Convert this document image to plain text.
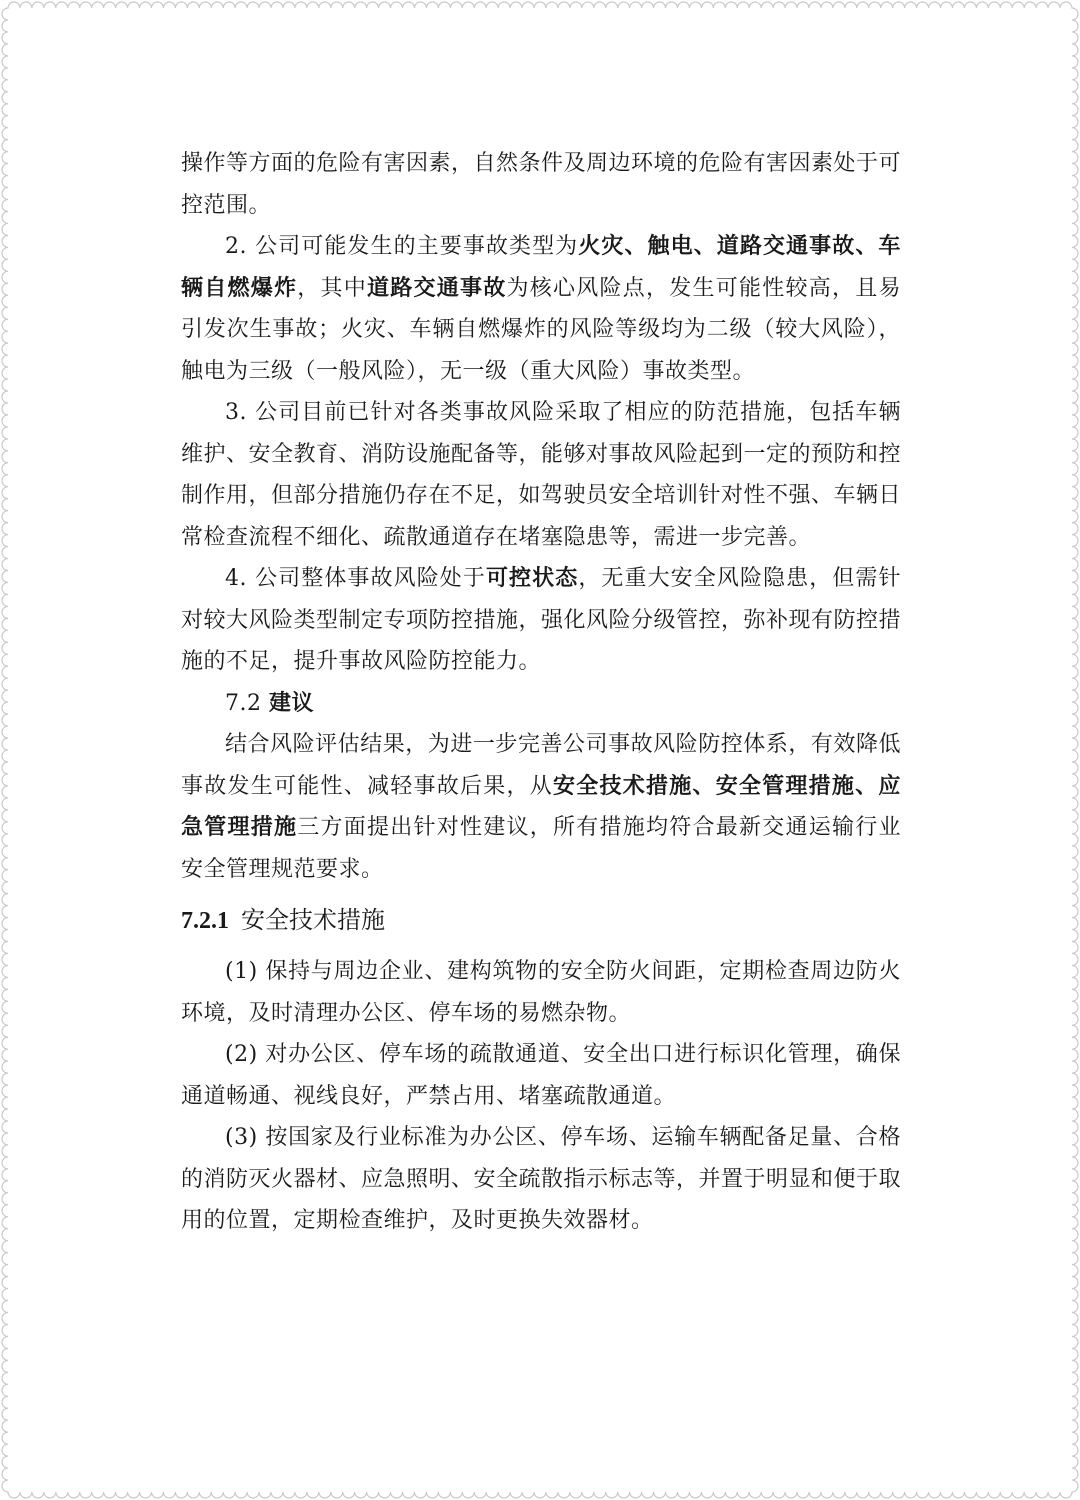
操作等方面的危险有害因素，自然条件及周边环境的危险有害因素处于可控范围。

2. 公司可能发生的主要事故类型为火灾、触电、道路交通事故、车辆自燃爆炸，其中道路交通事故为核心风险点，发生可能性较高，且易引发次生事故；火灾、车辆自燃爆炸的风险等级均为二级（较大风险），触电为三级（一般风险），无一级（重大风险）事故类型。

3. 公司目前已针对各类事故风险采取了相应的防范措施，包括车辆维护、安全教育、消防设施配备等，能够对事故风险起到一定的预防和控制作用，但部分措施仍存在不足，如驾驶员安全培训针对性不强、车辆日常检查流程不细化、疏散通道存在堵塞隐患等，需进一步完善。

4. 公司整体事故风险处于可控状态，无重大安全风险隐患，但需针对较大风险类型制定专项防控措施，强化风险分级管控，弥补现有防控措施的不足，提升事故风险防控能力。

7.2 建议

结合风险评估结果，为进一步完善公司事故风险防控体系，有效降低事故发生可能性、减轻事故后果，从安全技术措施、安全管理措施、应急管理措施三方面提出针对性建议，所有措施均符合最新交通运输行业安全管理规范要求。

7.2.1 安全技术措施

(1) 保持与周边企业、建构筑物的安全防火间距，定期检查周边防火环境，及时清理办公区、停车场的易燃杂物。

(2) 对办公区、停车场的疏散通道、安全出口进行标识化管理，确保通道畅通、视线良好，严禁占用、堵塞疏散通道。

(3) 按国家及行业标准为办公区、停车场、运输车辆配备足量、合格的消防灭火器材、应急照明、安全疏散指示标志等，并置于明显和便于取用的位置，定期检查维护，及时更换失效器材。
